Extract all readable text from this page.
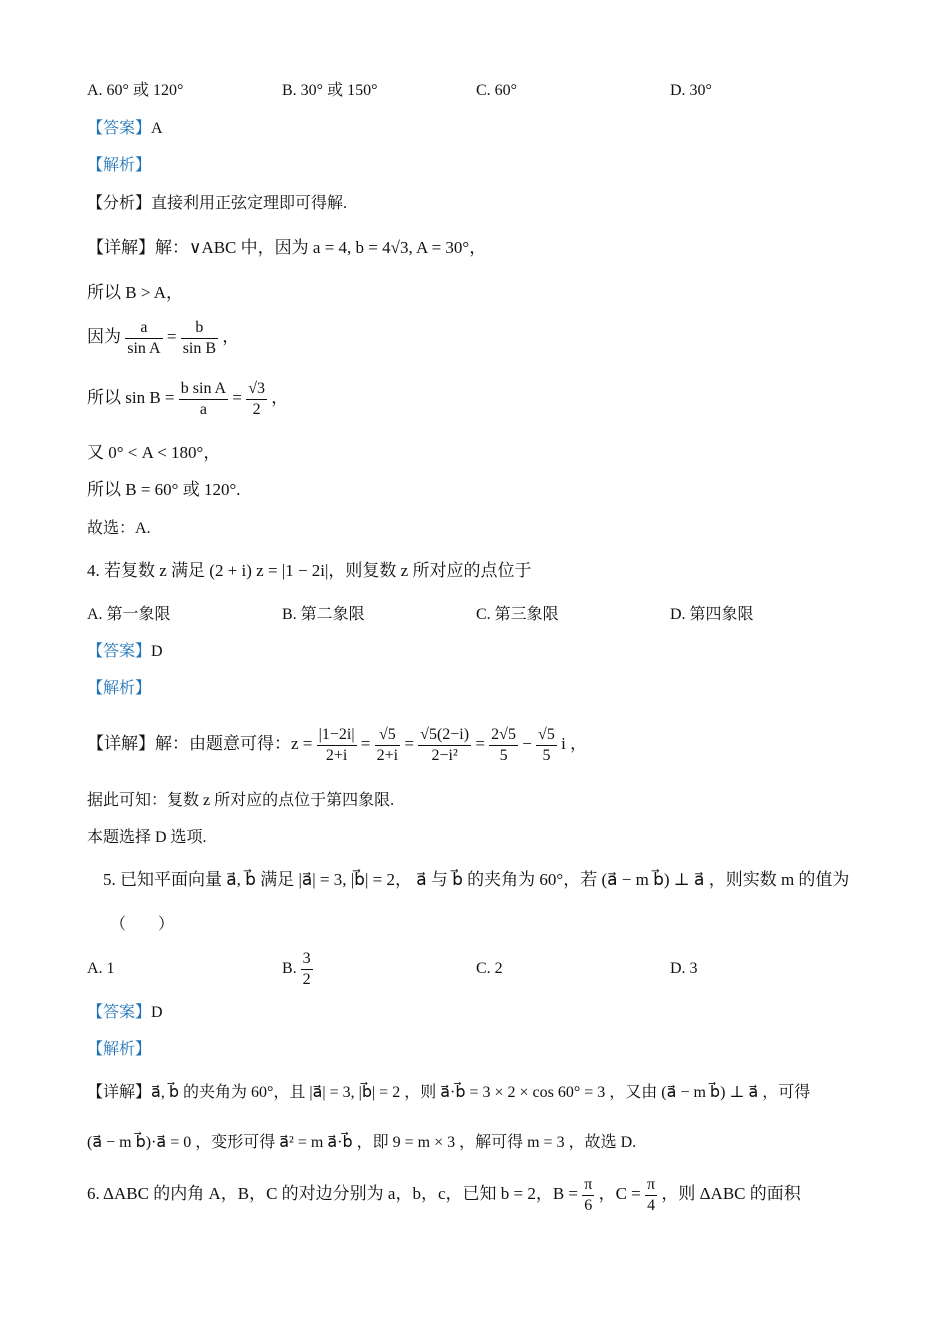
A. 60° 或 120°	B. 30° 或 150°	C. 60°	D. 30°
【答案】A
【解析】
【分析】直接利用正弦定理即可得解.
【详解】解：∨ABC 中，因为 a = 4, b = 4√3, A = 30°，
所以 B > A，
因为 $\frac{a}{\text{sin A}} = \frac{b}{\text{sin B}}$ ，
所以 $\sin B = \frac{\text{b sin A}}{a} = \frac{√3}{2}$ ，
又 0° < A < 180°，
所以 B = 60° 或 120°.
故选：A.
4. 若复数 z 满足 (2 + i) z = |1 − 2i|，则复数 z 所对应的点位于
A. 第一象限	B. 第二象限	C. 第三象限	D. 第四象限
【答案】D
【解析】
【详解】解：由题意可得：$z = \frac{|1-2i|}{2+i} = \frac{√5}{2+i} = \frac{√5(2-i)}{\text{2−i²}} = \frac{2√5}{5} - \frac{√5}{5}$ i ，
据此可知：复数 z 所对应的点位于第四象限.
本题选择 D 选项.
5. 已知平面向量 a⃗, b⃗ 满足 |a⃗| = 3, |b⃗| = 2， a⃗ 与 b⃗ 的夹角为 60°，若 (a⃗ − m b⃗) ⊥ a⃗ ，则实数 m 的值为
（　　）
A. 1	B. $\frac{3}{2}$	C. 2	D. 3
【答案】D
【解析】
【详解】a⃗, b⃗ 的夹角为 60°，且 |a⃗| = 3, |b⃗| = 2 ，则 a⃗·b⃗ = 3 × 2 × cos 60° = 3 ，又由 (a⃗ − m b⃗) ⊥ a⃗ ，可得
(a⃗ − m b⃗)·a⃗ = 0 ，变形可得 a⃗² = m a⃗·b⃗ ，即 9 = m × 3 ，解可得 m = 3 ，故选 D.
6. ΔABC 的内角 A，B，C 的对边分别为 a，b，c，已知 b = 2，$B = \frac{\pi}{6}$ ，$C = \frac{\pi}{4}$ ，则 ΔABC 的面积
